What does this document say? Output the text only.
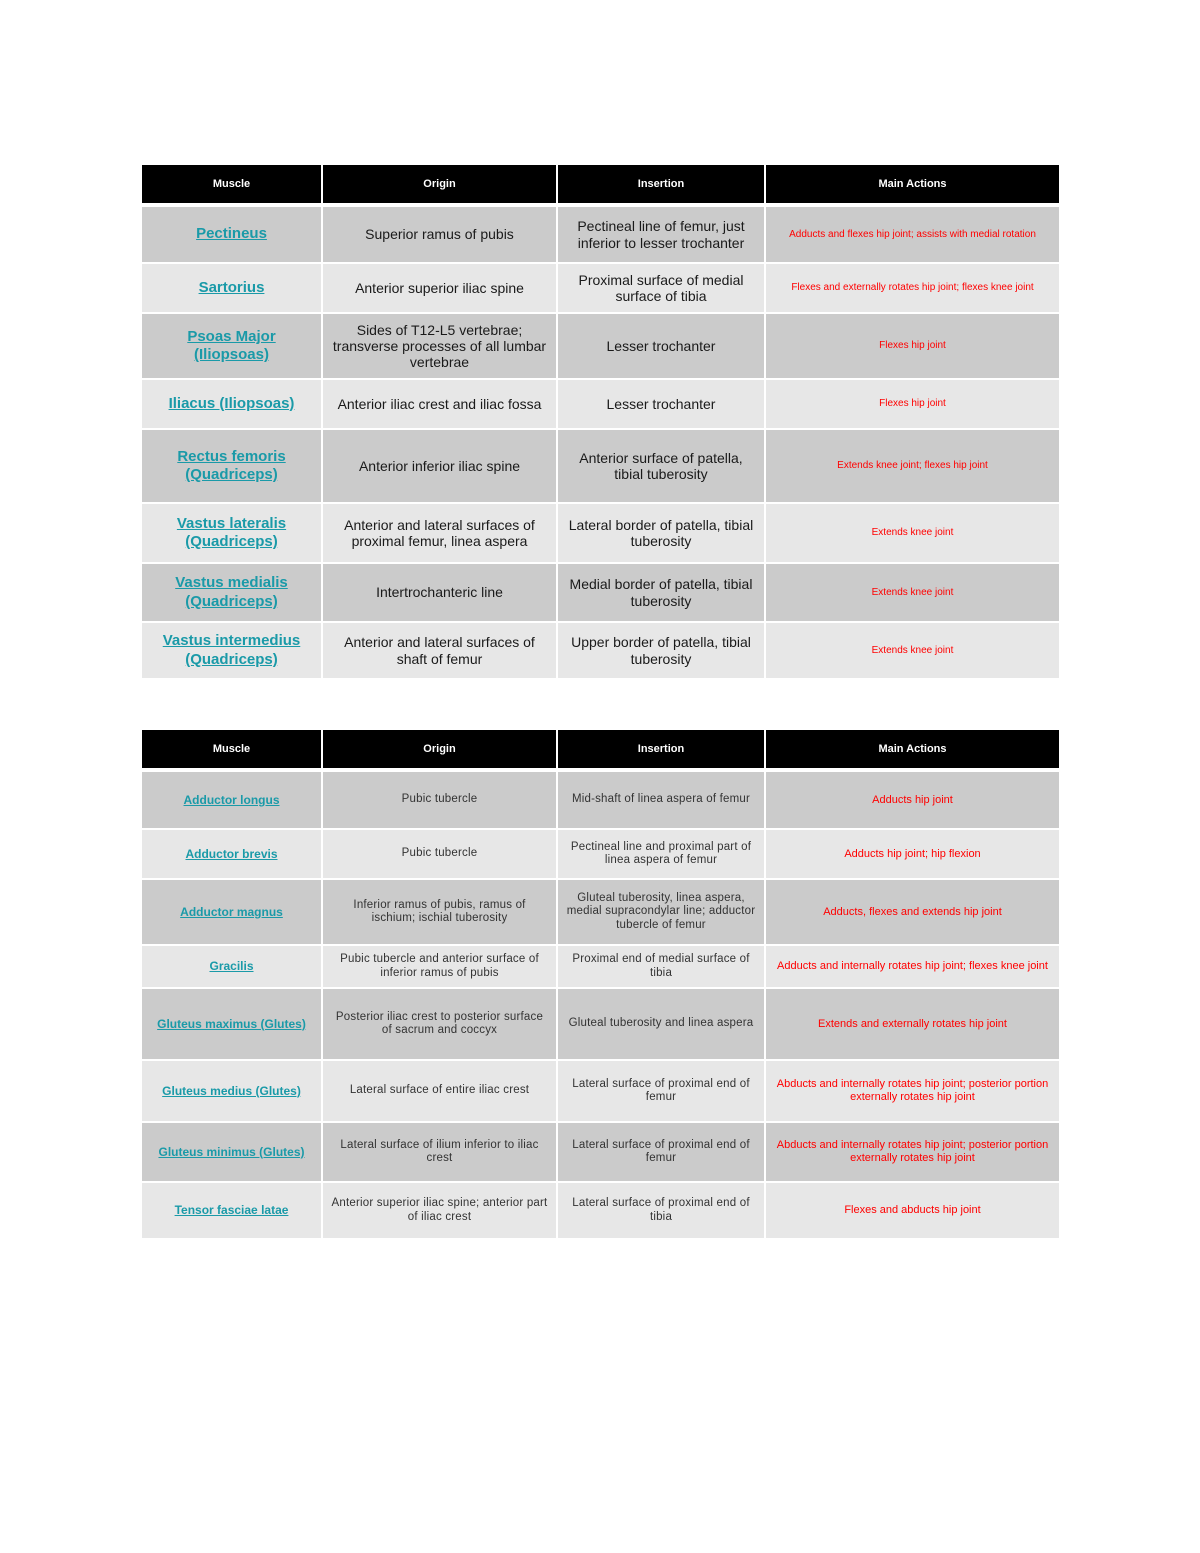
Muscle	Origin	Insertion	Main Actions
Pectineus	Superior ramus of pubis	Pectineal line of femur, just inferior to lesser trochanter	Adducts and flexes hip joint; assists with medial rotation
Sartorius	Anterior superior iliac spine	Proximal surface of medial surface of tibia	Flexes and externally rotates hip joint; flexes knee joint
Psoas Major (Iliopsoas)	Sides of T12-L5 vertebrae; transverse processes of all lumbar vertebrae	Lesser trochanter	Flexes hip joint
Iliacus (Iliopsoas)	Anterior iliac crest and iliac fossa	Lesser trochanter	Flexes hip joint
Rectus femoris (Quadriceps)	Anterior inferior iliac spine	Anterior surface of patella, tibial tuberosity	Extends knee joint; flexes hip joint
Vastus lateralis (Quadriceps)	Anterior and lateral surfaces of proximal femur, linea aspera	Lateral border of patella, tibial tuberosity	Extends knee joint
Vastus medialis (Quadriceps)	Intertrochanteric line	Medial border of patella, tibial tuberosity	Extends knee joint
Vastus intermedius (Quadriceps)	Anterior and lateral surfaces of shaft of femur	Upper border of patella, tibial tuberosity	Extends knee joint
Muscle	Origin	Insertion	Main Actions
Adductor longus	Pubic tubercle	Mid-shaft of linea aspera of femur	Adducts hip joint
Adductor brevis	Pubic tubercle	Pectineal line and proximal part of linea aspera of femur	Adducts hip joint; hip flexion
Adductor magnus	Inferior ramus of pubis, ramus of ischium; ischial tuberosity	Gluteal tuberosity, linea aspera, medial supracondylar line; adductor tubercle of femur	Adducts, flexes and extends hip joint
Gracilis	Pubic tubercle and anterior surface of inferior ramus of pubis	Proximal end of medial surface of tibia	Adducts and internally rotates hip joint; flexes knee joint
Gluteus maximus (Glutes)	Posterior iliac crest to posterior surface of sacrum and coccyx	Gluteal tuberosity and linea aspera	Extends and externally rotates hip joint
Gluteus medius (Glutes)	Lateral surface of entire iliac crest	Lateral surface of proximal end of femur	Abducts and internally rotates hip joint; posterior portion externally rotates hip joint
Gluteus minimus (Glutes)	Lateral surface of ilium inferior to iliac crest	Lateral surface of proximal end of femur	Abducts and internally rotates hip joint; posterior portion externally rotates hip joint
Tensor fasciae latae	Anterior superior iliac spine; anterior part of iliac crest	Lateral surface of proximal end of tibia	Flexes and abducts hip joint
